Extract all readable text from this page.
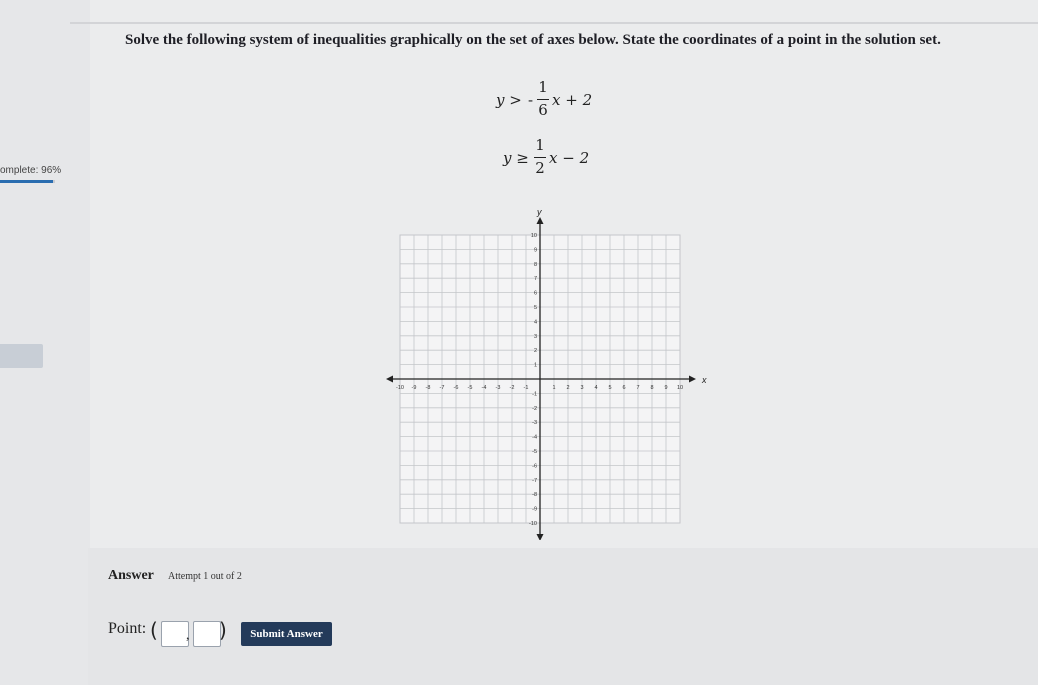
omplete: 96%
Solve the following system of inequalities graphically on the set of axes below. State the coordinates of a point in the solution set.
y > -
1
6
x + 2
y ≥
1
2
x − 2
x
y
-10 -9 -8 -7 -6 -5 -4 -3 -2 -1	1 2 3 4 5 6 7 8 9 10
10
9
8
7
6
5
4
3
2
1
-1
-2
-3
-4
-5
-6
-7
-8
-9
-10
Answer Attempt 1 out of 2
Point: ( , )	Submit Answer
